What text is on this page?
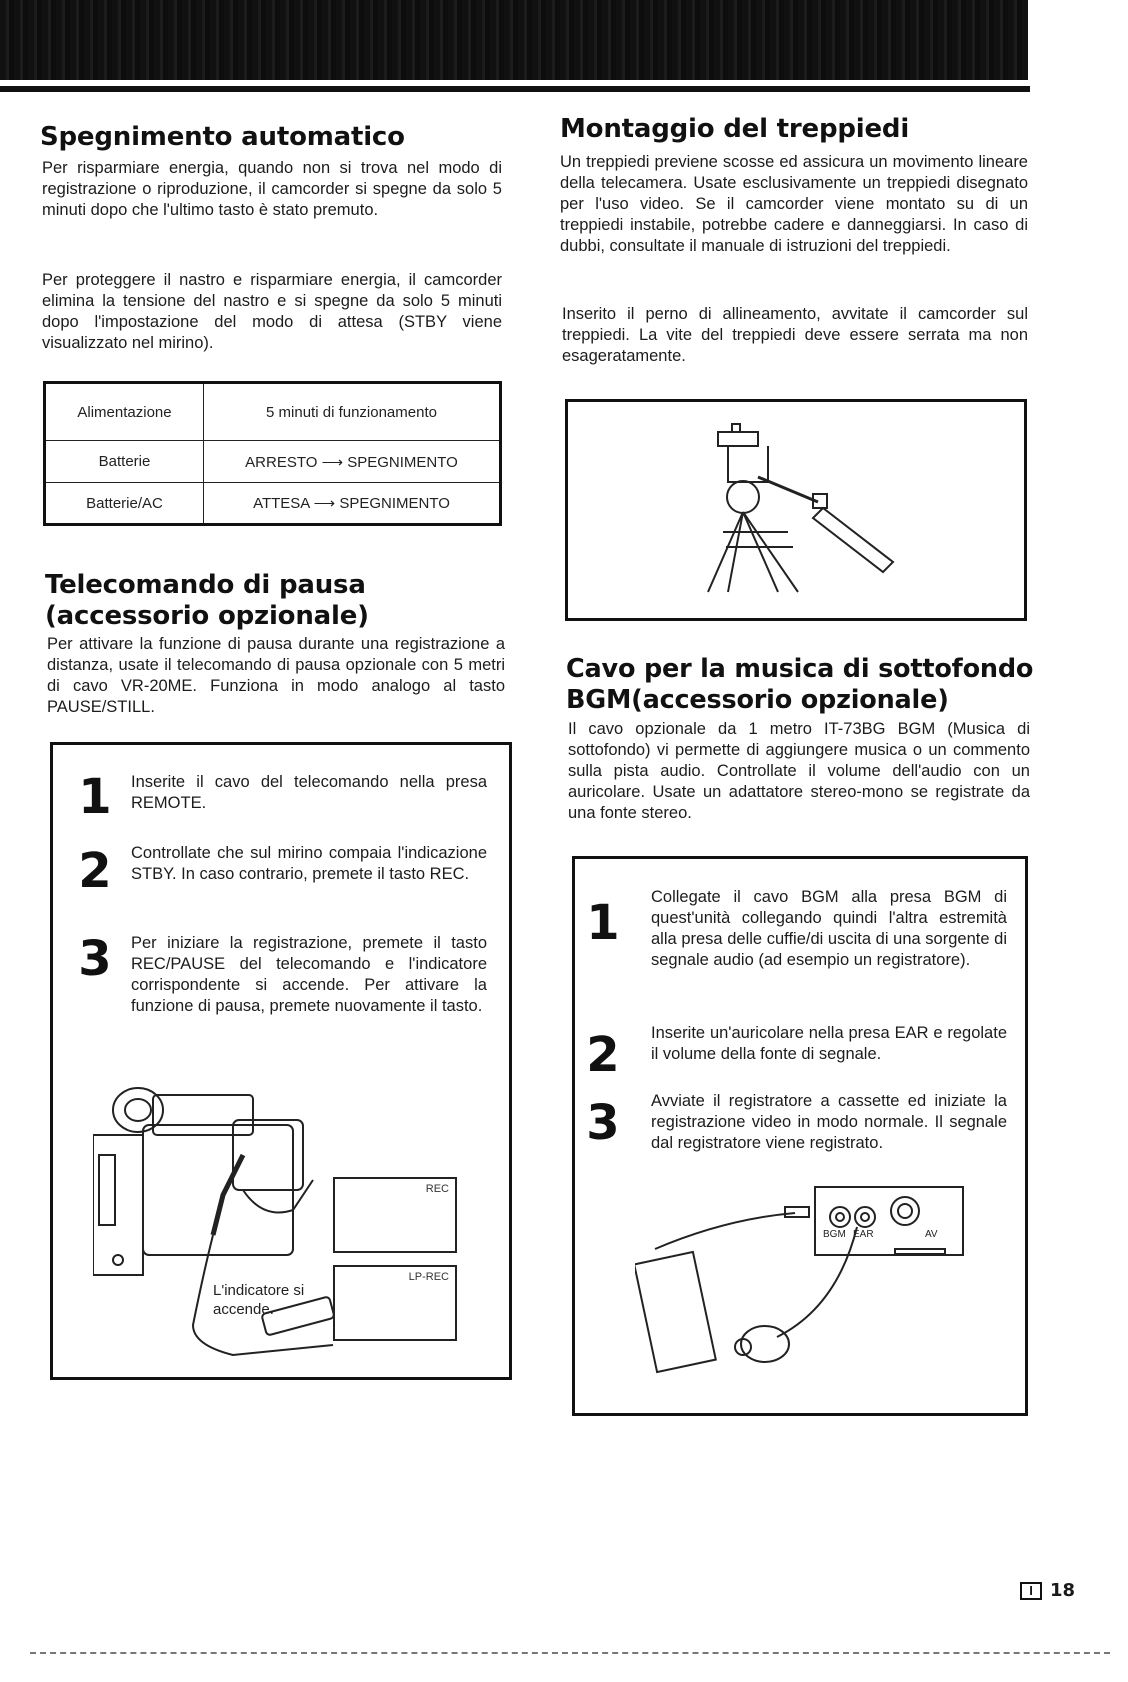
Spegnimento automatico

Per risparmiare energia, quando non si trova nel modo di registrazione o riproduzione, il camcorder si spegne da solo 5 minuti dopo che l'ultimo tasto è stato premuto.

Per proteggere il nastro e risparmiare energia, il camcorder elimina la tensione del nastro e si spegne da solo 5 minuti dopo l'impostazione del modo di attesa (STBY viene visualizzato nel mirino).

Alimentazione	5 minuti di funzionamento
Batterie	ARRESTO ⟶ SPEGNIMENTO
Batterie/AC	ATTESA ⟶ SPEGNIMENTO
Telecomando di pausa
(accessorio opzionale)

Per attivare la funzione di pausa durante una registrazione a distanza, usate il telecomando di pausa opzionale con 5 metri di cavo VR-20ME. Funziona in modo analogo al tasto PAUSE/STILL.

1 Inserite il cavo del telecomando nella presa REMOTE.
2 Controllate che sul mirino compaia l'indicazione STBY. In caso contrario, premete il tasto REC.
3 Per iniziare la registrazione, premete il tasto REC/PAUSE del telecomando e l'indicatore corrispondente si accende. Per attivare la funzione di pausa, premete nuovamente il tasto.
L'indicatore si accende.
REC
LP-REC
Montaggio del treppiedi

Un treppiedi previene scosse ed assicura un movimento lineare della telecamera. Usate esclusivamente un treppiedi disegnato per l'uso video. Se il camcorder viene montato su di un treppiedi instabile, potrebbe cadere e danneggiarsi. In caso di dubbi, consultate il manuale di istruzioni del treppiedi.

Inserito il perno di allineamento, avvitate il camcorder sul treppiedi. La vite del treppiedi deve essere serrata ma non esageratamente.

Cavo per la musica di sottofondo
BGM(accessorio opzionale)

Il cavo opzionale da 1 metro IT-73BG BGM (Musica di sottofondo) vi permette di aggiungere musica o un commento sulla pista audio. Controllate il volume dell'audio con un auricolare. Usate un adattatore stereo-mono se registrate da una fonte stereo.

1 Collegate il cavo BGM alla presa BGM di quest'unità collegando quindi l'altra estremità alla presa delle cuffie/di uscita di una sorgente di segnale audio (ad esempio un registratore).
2 Inserite un'auricolare nella presa EAR e regolate il volume della fonte di segnale.
3 Avviate il registratore a cassette ed iniziate la registrazione video in modo normale. Il segnale dal registratore viene registrato.
BGM EAR	AV
I 18
